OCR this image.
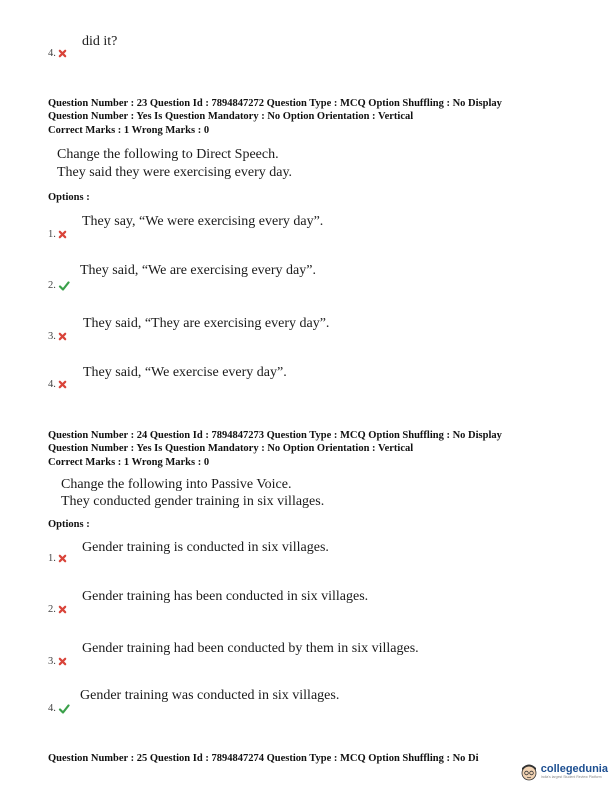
did it?
4.
Question Number : 23 Question Id : 7894847272 Question Type : MCQ Option Shuffling : No Display
Question Number : Yes Is Question Mandatory : No Option Orientation : Vertical
Correct Marks : 1 Wrong Marks : 0
Change the following to Direct Speech.
They said they were exercising every day.
Options :
They say, “We were exercising every day”.
1.
They said, “We are exercising every day”.
2.
They said, “They are exercising every day”.
3.
They said, “We exercise every day”.
4.
Question Number : 24 Question Id : 7894847273 Question Type : MCQ Option Shuffling : No Display
Question Number : Yes Is Question Mandatory : No Option Orientation : Vertical
Correct Marks : 1 Wrong Marks : 0
Change the following into Passive Voice.
They conducted gender training in six villages.
Options :
Gender training is conducted in six villages.
1.
Gender training has been conducted in six villages.
2.
Gender training had been conducted by them in six villages.
3.
Gender training was conducted in six villages.
4.
Question Number : 25 Question Id : 7894847274 Question Type : MCQ Option Shuffling : No Di
collegedunia
India's largest Student Review Platform
